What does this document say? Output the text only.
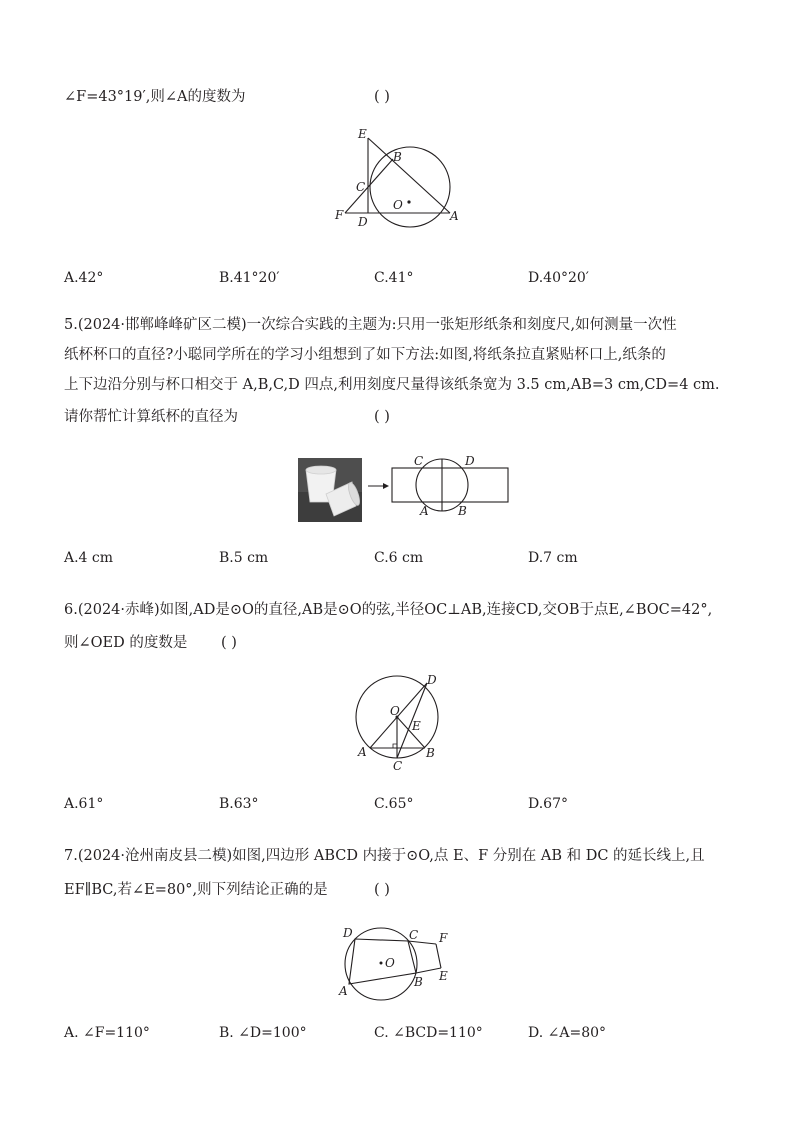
∠F=43°19′,则∠A的度数为	( )
E
B
C
O
F D	A
A.42°	B.41°20′	C.41°	D.40°20′
5.(2024·邯郸峰峰矿区二模)一次综合实践的主题为:只用一张矩形纸条和刻度尺,如何测量一次性
纸杯杯口的直径?小聪同学所在的学习小组想到了如下方法:如图,将纸条拉直紧贴杯口上,纸条的
上下边沿分别与杯口相交于 A,B,C,D 四点,利用刻度尺量得该纸条宽为 3.5 cm,AB=3 cm,CD=4 cm.
请你帮忙计算纸杯的直径为	( )
C	D
A B
A.4 cm	B.5 cm	C.6 cm	D.7 cm
6.(2024·赤峰)如图,AD是⊙O的直径,AB是⊙O的弦,半径OC⊥AB,连接CD,交OB于点E,∠BOC=42°,
则∠OED 的度数是 ( )
D
O
E
A	B
C
A.61°	B.63°	C.65°	D.67°
7.(2024·沧州南皮县二模)如图,四边形 ABCD 内接于⊙O,点 E、F 分别在 AB 和 DC 的延长线上,且
EF∥BC,若∠E=80°,则下列结论正确的是	( )
D	C F
O
E
A
B
A. ∠F=110°	B. ∠D=100°	C. ∠BCD=110°	D. ∠A=80°
